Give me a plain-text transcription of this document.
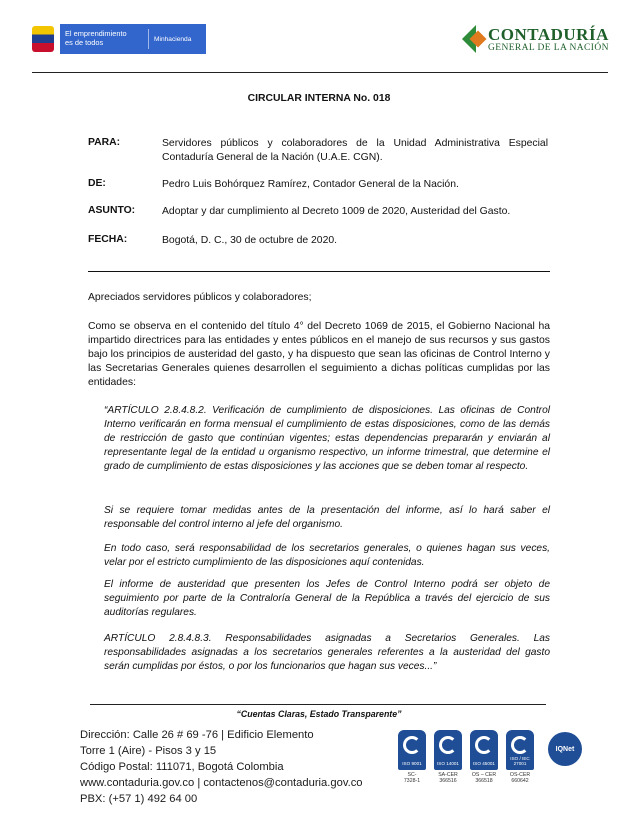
El emprendimiento
es de todos	Minhacienda	CONTADURÍA
GENERAL DE LA NACIÓN
CIRCULAR INTERNA No. 018
PARA:	Servidores públicos y colaboradores de la Unidad Administrativa Especial Contaduría General de la Nación (U.A.E. CGN).
DE:	Pedro Luis Bohórquez Ramírez, Contador General de la Nación.
ASUNTO:	Adoptar y dar cumplimiento al Decreto 1009 de 2020, Austeridad del Gasto.
FECHA:	Bogotá, D. C., 30 de octubre de 2020.
Apreciados servidores públicos y colaboradores;
Como se observa en el contenido del título 4° del Decreto 1069 de 2015, el Gobierno Nacional ha impartido directrices para las entidades y entes públicos en el manejo de sus recursos y sus gastos bajo los principios de austeridad del gasto, y ha dispuesto que sean las oficinas de Control Interno y las Secretarias Generales quienes desarrollen el seguimiento a dichas políticas cumplidas por las entidades:
“ARTÍCULO 2.8.4.8.2. Verificación de cumplimiento de disposiciones. Las oficinas de Control Interno verificarán en forma mensual el cumplimiento de estas disposiciones, como de las demás de restricción de gasto que continúan vigentes; estas dependencias prepararán y enviarán al representante legal de la entidad u organismo respectivo, un informe trimestral, que determine el grado de cumplimiento de estas disposiciones y las acciones que se deben tomar al respecto.
Si se requiere tomar medidas antes de la presentación del informe, así lo hará saber el responsable del control interno al jefe del organismo.
En todo caso, será responsabilidad de los secretarios generales, o quienes hagan sus veces, velar por el estricto cumplimiento de las disposiciones aquí contenidas.
El informe de austeridad que presenten los Jefes de Control Interno podrá ser objeto de seguimiento por parte de la Contraloría General de la República a través del ejercicio de sus auditorías regulares.
ARTÍCULO 2.8.4.8.3. Responsabilidades asignadas a Secretarios Generales. Las responsabilidades asignadas a los secretarios generales referentes a la austeridad del gasto serán cumplidas por éstos, o por los funcionarios que hagan sus veces...”
“Cuentas Claras, Estado Transparente”
Dirección: Calle 26 # 69 -76 | Edificio Elemento
Torre 1 (Aire) - Pisos 3 y 15
Código Postal: 111071, Bogotá Colombia
www.contaduria.gov.co | contactenos@contaduria.gov.co
PBX: (+57 1) 492 64 00
ISO 9001
SC-
7328-1
ISO 14001
SA-CER
366516
ISO 45001
OS – CER
366518
ISO / IEC 27001
OS-CER
660642
IQNet
